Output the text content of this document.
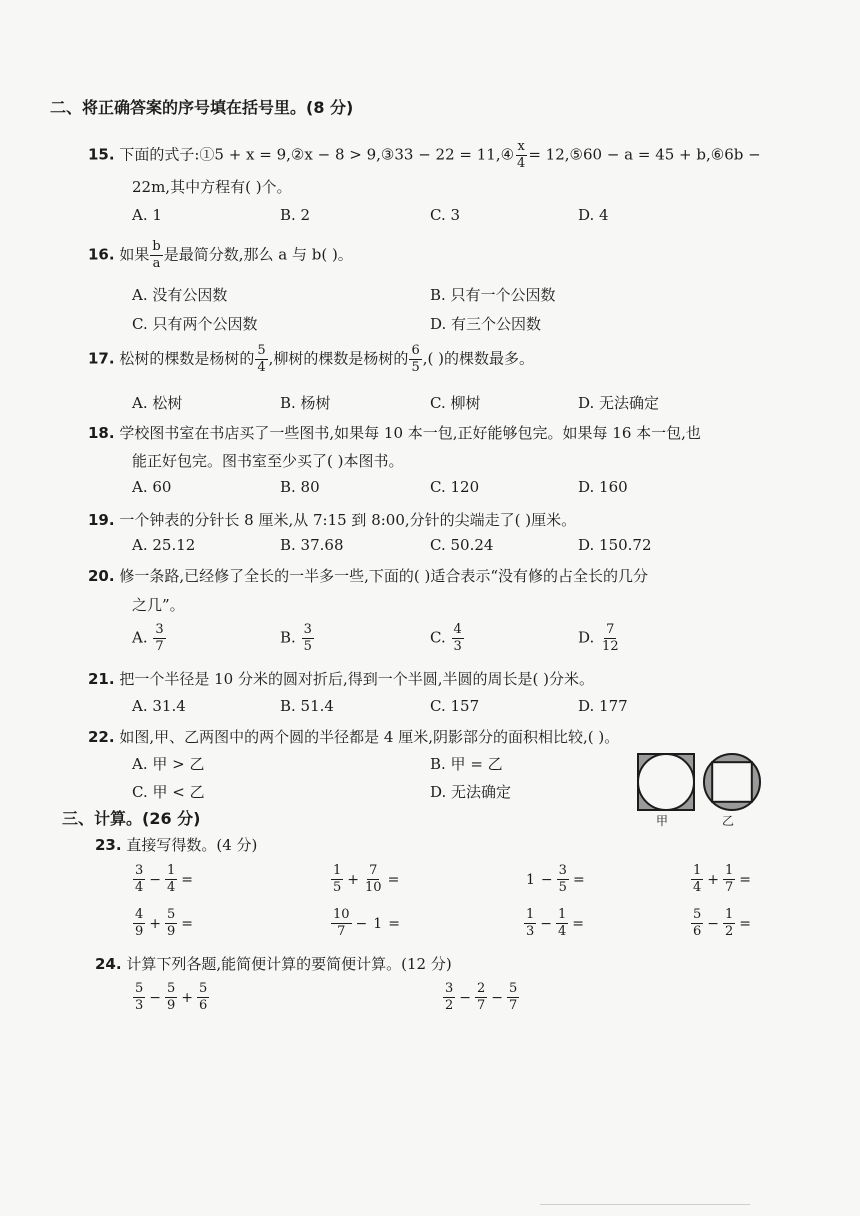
二、将正确答案的序号填在括号里。(8 分)
15. 下面的式子:①5 + x = 9,②x − 8 > 9,③33 − 22 = 11,④ $\frac{x}{4}$ = 12,⑤60 − a = 45 + b,⑥6b −
22m,其中方程有( )个。
A. 1	B. 2	C. 3	D. 4
16. 如果 $\frac{b}{a}$ 是最简分数,那么 a 与 b( )。
A. 没有公因数	B. 只有一个公因数
C. 只有两个公因数	D. 有三个公因数
17. 松树的棵数是杨树的 $\frac{5}{4}$ ,柳树的棵数是杨树的 $\frac{6}{5}$ ,( )的棵数最多。
A. 松树	B. 杨树	C. 柳树	D. 无法确定
18. 学校图书室在书店买了一些图书,如果每 10 本一包,正好能够包完。如果每 16 本一包,也
能正好包完。图书室至少买了( )本图书。
A. 60	B. 80	C. 120	D. 160
19. 一个钟表的分针长 8 厘米,从 7:15 到 8:00,分针的尖端走了( )厘米。
A. 25.12	B. 37.68	C. 50.24	D. 150.72
20. 修一条路,已经修了全长的一半多一些,下面的( )适合表示“没有修的占全长的几分
之几”。
A. $\frac{3}{7}$	B. $\frac{3}{5}$	C. $\frac{4}{3}$	D. $\frac{7}{12}$
21. 把一个半径是 10 分米的圆对折后,得到一个半圆,半圆的周长是( )分米。
A. 31.4	B. 51.4	C. 157	D. 177
22. 如图,甲、乙两图中的两个圆的半径都是 4 厘米,阴影部分的面积相比较,( )。
A. 甲 > 乙	B. 甲 = 乙
C. 甲 < 乙	D. 无法确定
甲	乙
三、计算。(26 分)
23. 直接写得数。(4 分)
$\frac{3}{4} - \frac{1}{4}$ =	$\frac{1}{5} + \frac{7}{10}$ =	$1 - \frac{3}{5}$ =	$\frac{1}{4} + \frac{1}{7}$ =
$\frac{4}{9} + \frac{5}{9}$ =	$\frac{10}{7} - 1$ =	$\frac{1}{3} - \frac{1}{4}$ =	$\frac{5}{6} - \frac{1}{2}$ =
24. 计算下列各题,能简便计算的要简便计算。(12 分)
$\frac{5}{3} - \frac{5}{9} + \frac{5}{6}$	$\frac{3}{2} - \frac{2}{7} - \frac{5}{7}$
